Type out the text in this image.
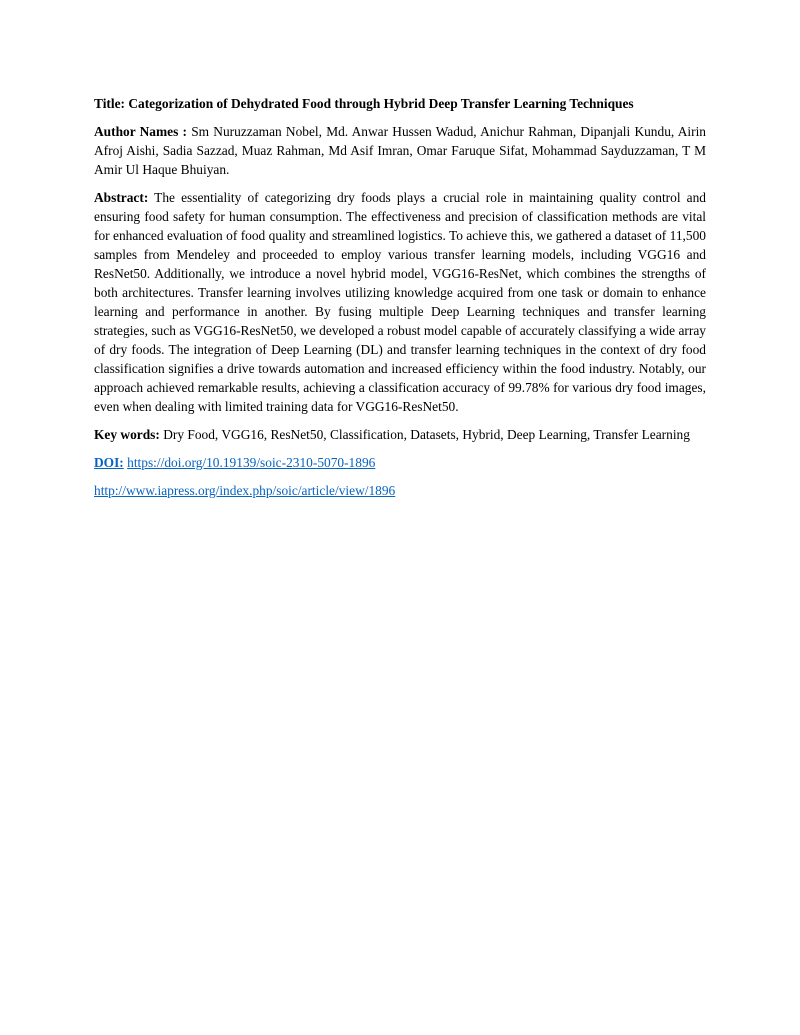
Title: Categorization of Dehydrated Food through Hybrid Deep Transfer Learning Techniques

Author Names : Sm Nuruzzaman Nobel, Md. Anwar Hussen Wadud, Anichur Rahman, Dipanjali Kundu, Airin Afroj Aishi, Sadia Sazzad, Muaz Rahman, Md Asif Imran, Omar Faruque Sifat, Mohammad Sayduzzaman, T M Amir Ul Haque Bhuiyan.

Abstract: The essentiality of categorizing dry foods plays a crucial role in maintaining quality control and ensuring food safety for human consumption. The effectiveness and precision of classification methods are vital for enhanced evaluation of food quality and streamlined logistics. To achieve this, we gathered a dataset of 11,500 samples from Mendeley and proceeded to employ various transfer learning models, including VGG16 and ResNet50. Additionally, we introduce a novel hybrid model, VGG16-ResNet, which combines the strengths of both architectures. Transfer learning involves utilizing knowledge acquired from one task or domain to enhance learning and performance in another. By fusing multiple Deep Learning techniques and transfer learning strategies, such as VGG16-ResNet50, we developed a robust model capable of accurately classifying a wide array of dry foods. The integration of Deep Learning (DL) and transfer learning techniques in the context of dry food classification signifies a drive towards automation and increased efficiency within the food industry. Notably, our approach achieved remarkable results, achieving a classification accuracy of 99.78% for various dry food images, even when dealing with limited training data for VGG16-ResNet50.

Key words: Dry Food, VGG16, ResNet50, Classification, Datasets, Hybrid, Deep Learning, Transfer Learning

DOI: https://doi.org/10.19139/soic-2310-5070-1896

http://www.iapress.org/index.php/soic/article/view/1896
